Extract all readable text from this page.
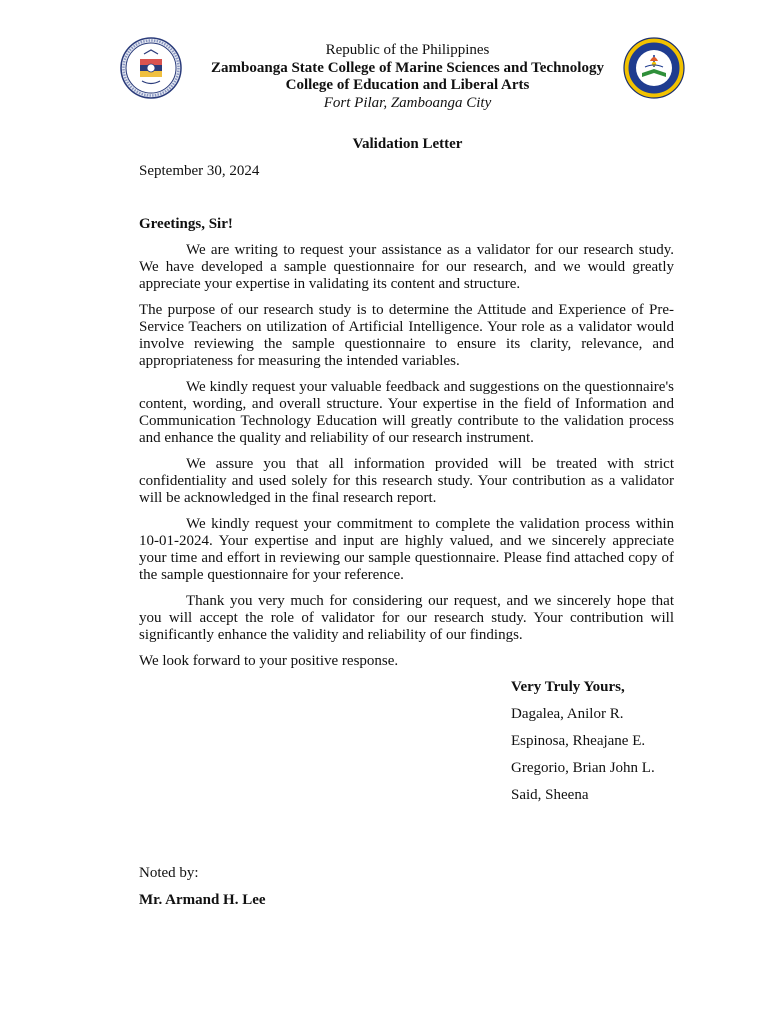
Republic of the Philippines
Zamboanga State College of Marine Sciences and Technology
College of Education and Liberal Arts
Fort Pilar, Zamboanga City
Validation Letter
September 30, 2024
Greetings, Sir!

We are writing to request your assistance as a validator for our research study. We have developed a sample questionnaire for our research, and we would greatly appreciate your expertise in validating its content and structure.

The purpose of our research study is to determine the Attitude and Experience of Pre-Service Teachers on utilization of Artificial Intelligence. Your role as a validator would involve reviewing the sample questionnaire to ensure its clarity, relevance, and appropriateness for measuring the intended variables.

We kindly request your valuable feedback and suggestions on the questionnaire's content, wording, and overall structure. Your expertise in the field of Information and Communication Technology Education will greatly contribute to the validation process and enhance the quality and reliability of our research instrument.

We assure you that all information provided will be treated with strict confidentiality and used solely for this research study. Your contribution as a validator will be acknowledged in the final research report.

We kindly request your commitment to complete the validation process within 10-01-2024. Your expertise and input are highly valued, and we sincerely appreciate your time and effort in reviewing our sample questionnaire. Please find attached copy of the sample questionnaire for your reference.

Thank you very much for considering our request, and we sincerely hope that you will accept the role of validator for our research study. Your contribution will significantly enhance the validity and reliability of our findings.

We look forward to your positive response.

Very Truly Yours,
Dagalea, Anilor R.
Espinosa, Rheajane E.
Gregorio, Brian John L.
Said, Sheena
Noted by:
Mr. Armand H. Lee
